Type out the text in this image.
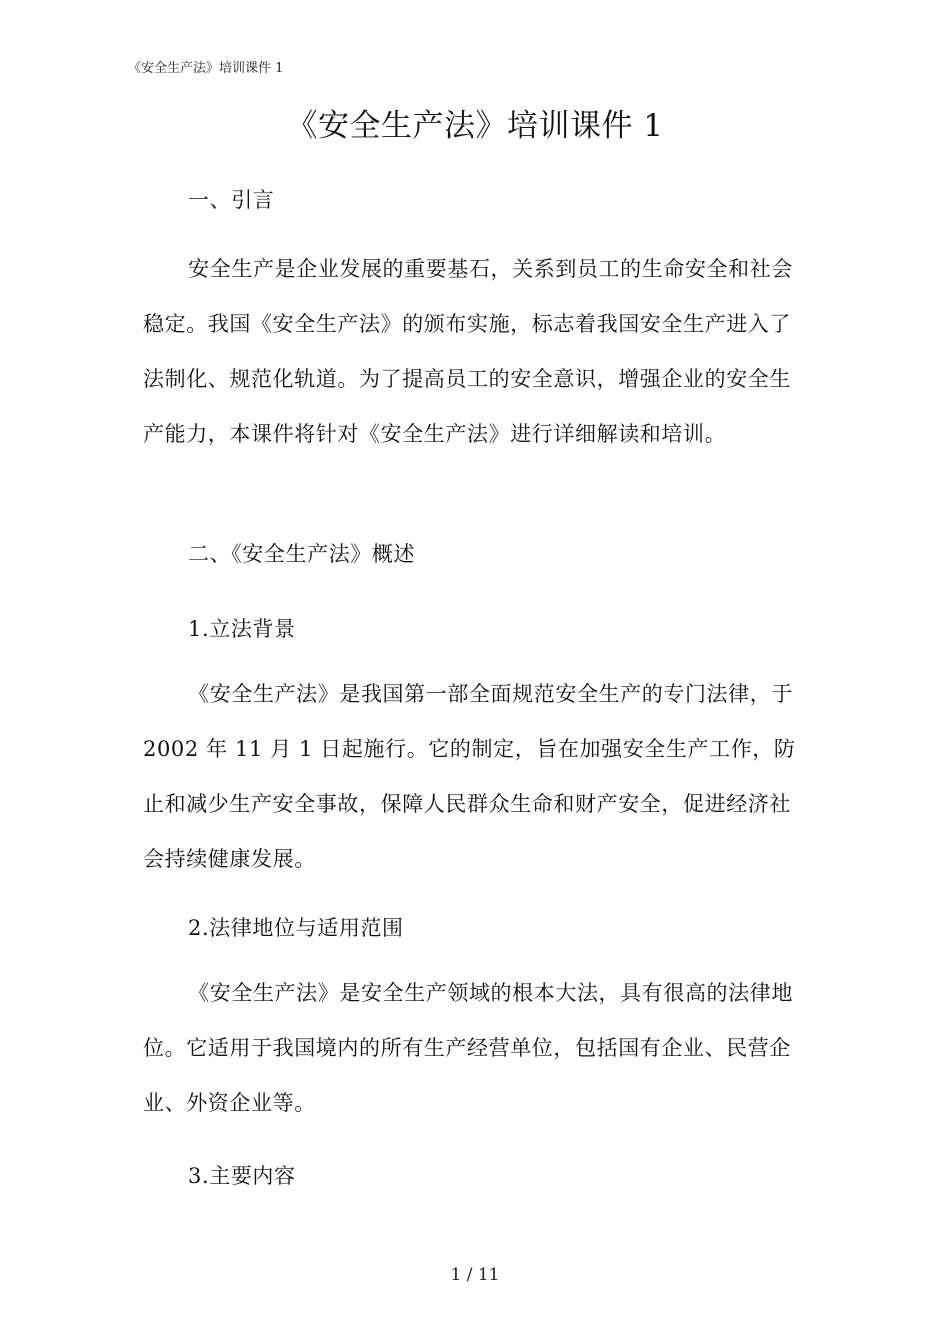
《安全生产法》培训课件 1
《安全生产法》培训课件 1
一、引言

安全生产是企业发展的重要基石，关系到员工的生命安全和社会稳定。我国《安全生产法》的颁布实施，标志着我国安全生产进入了法制化、规范化轨道。为了提高员工的安全意识，增强企业的安全生产能力，本课件将针对《安全生产法》进行详细解读和培训。

二、《安全生产法》概述
1.立法背景

《安全生产法》是我国第一部全面规范安全生产的专门法律，于 2002 年 11 月 1 日起施行。它的制定，旨在加强安全生产工作，防止和减少生产安全事故，保障人民群众生命和财产安全，促进经济社会持续健康发展。

2.法律地位与适用范围

《安全生产法》是安全生产领域的根本大法，具有很高的法律地位。它适用于我国境内的所有生产经营单位，包括国有企业、民营企业、外资企业等。

3.主要内容
1 / 11
